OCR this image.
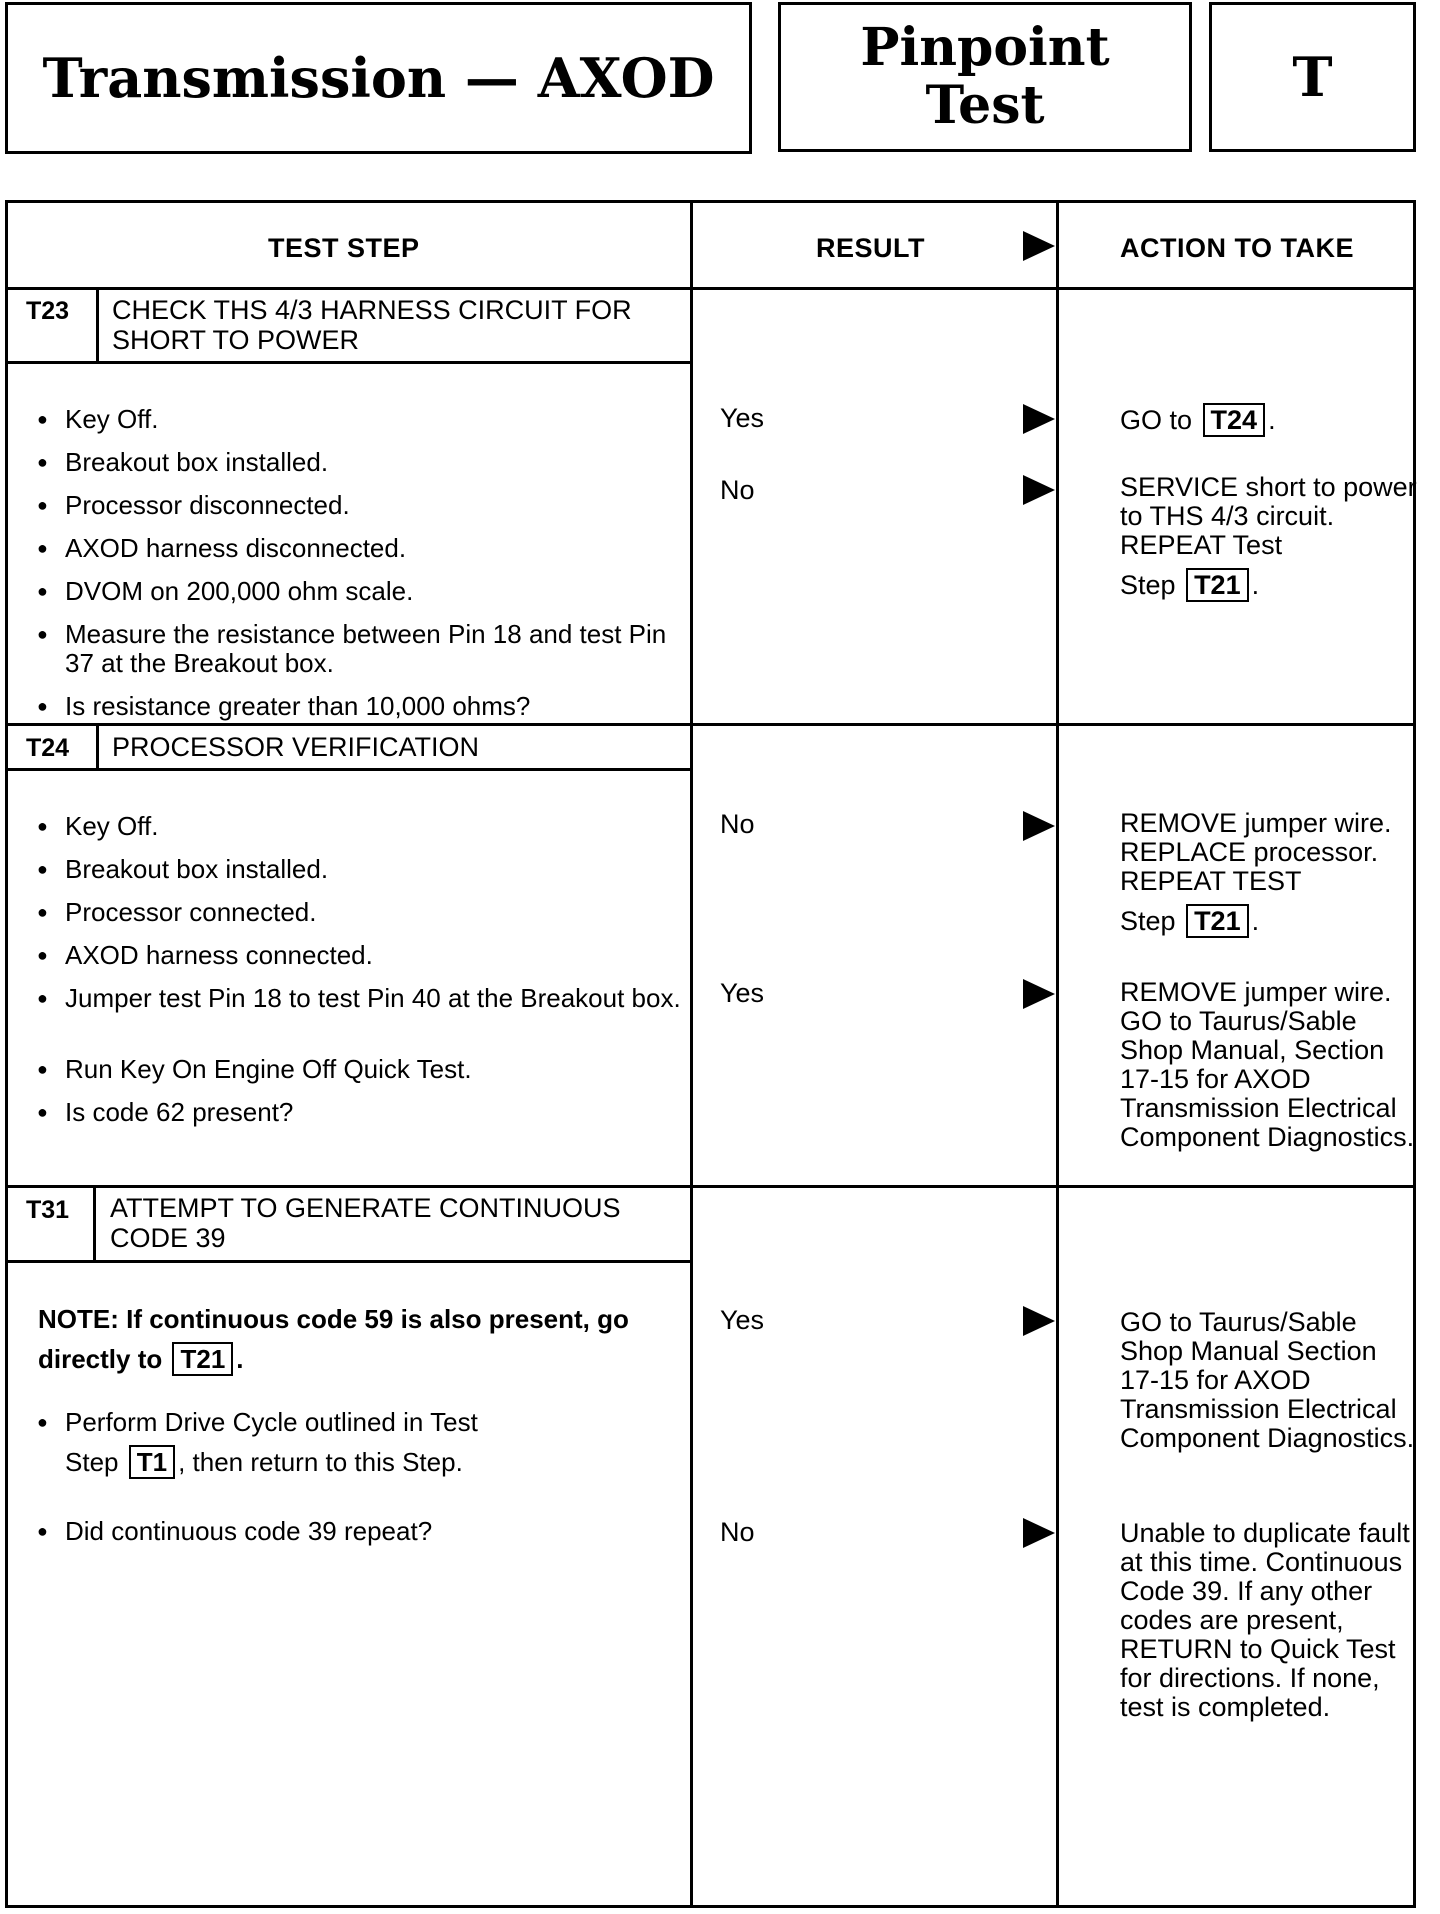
Transmission — AXOD	Pinpoint
Test	T
TEST STEP	RESULT	ACTION TO TAKE
T23 CHECK THS 4/3 HARNESS CIRCUIT FOR SHORT TO POWER
● Key Off.
● Breakout box installed.
● Processor disconnected.
● AXOD harness disconnected.
● DVOM on 200,000 ohm scale.
● Measure the resistance between Pin 18 and test Pin 37 at the Breakout box.
● Is resistance greater than 10,000 ohms?
Yes	GO to T24 .
No	SERVICE short to power to THS 4/3 circuit. REPEAT Test
Step T21 .
T24 PROCESSOR VERIFICATION
● Key Off.
● Breakout box installed.
● Processor connected.
● AXOD harness connected.
● Jumper test Pin 18 to test Pin 40 at the Breakout box.
● Run Key On Engine Off Quick Test.
● Is code 62 present?
No	REMOVE jumper wire. REPLACE processor. REPEAT TEST
Step T21 .
Yes	REMOVE jumper wire. GO to Taurus/Sable Shop Manual, Section 17-15 for AXOD Transmission Electrical Component Diagnostics.
T31 ATTEMPT TO GENERATE CONTINUOUS CODE 39
NOTE: If continuous code 59 is also present, go directly to T21 .
● Perform Drive Cycle outlined in Test
Step T1 , then return to this Step.
● Did continuous code 39 repeat?
Yes	GO to Taurus/Sable Shop Manual Section 17-15 for AXOD Transmission Electrical Component Diagnostics.
No	Unable to duplicate fault at this time. Continuous Code 39. If any other codes are present, RETURN to Quick Test for directions. If none, test is completed.
